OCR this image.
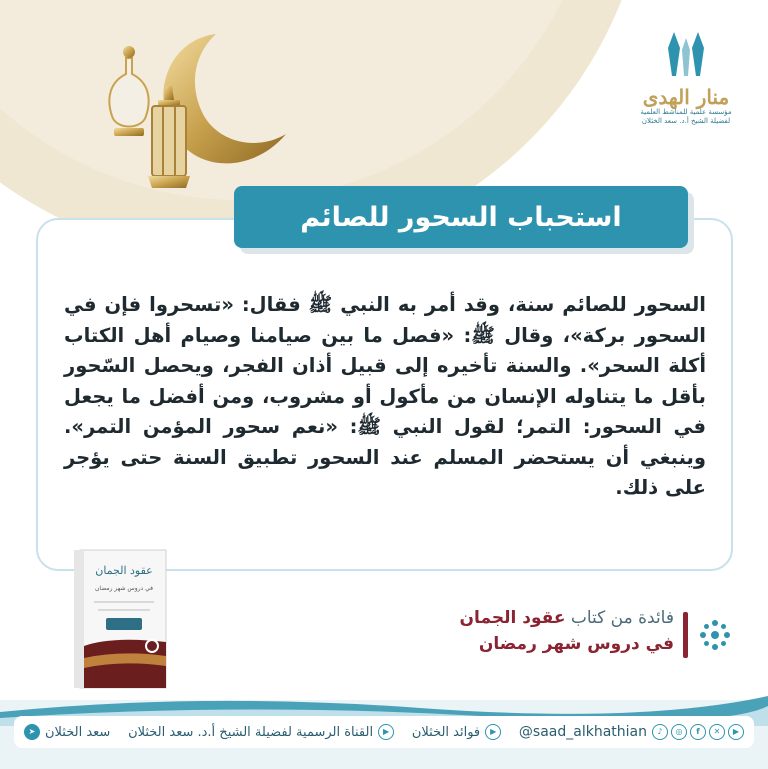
منار الهدى
مؤسسة علمية للمناشط العلمية
لفضيلة الشيخ أ.د. سعد الخثلان
استحباب السحور للصائم
السحور للصائم سنة، وقد أمر به النبي ﷺ فقال: «تسحروا فإن في السحور بركة»، وقال ﷺ: «فصل ما بين صيامنا وصيام أهل الكتاب أكلة السحر». والسنة تأخيره إلى قبيل أذان الفجر، ويحصل السّحور بأقل ما يتناوله الإنسان من مأكول أو مشروب، ومن أفضل ما يجعل في السحور: التمر؛ لقول النبي ﷺ: «نعم سحور المؤمن التمر». وينبغي أن يستحضر المسلم عند السحور تطبيق السنة حتى يؤجر على ذلك.
عقود الجمان
في دروس شهر رمضان
فائدة من كتاب عقود الجمان
في دروس شهر رمضان
➤ سعد الخثلان القناة الرسمية لفضيلة الشيخ أ.د. سعد الخثلان	▶	فوائد الخثلان	▶	@saad_alkhathian	♪	◎	f	✕	▶
